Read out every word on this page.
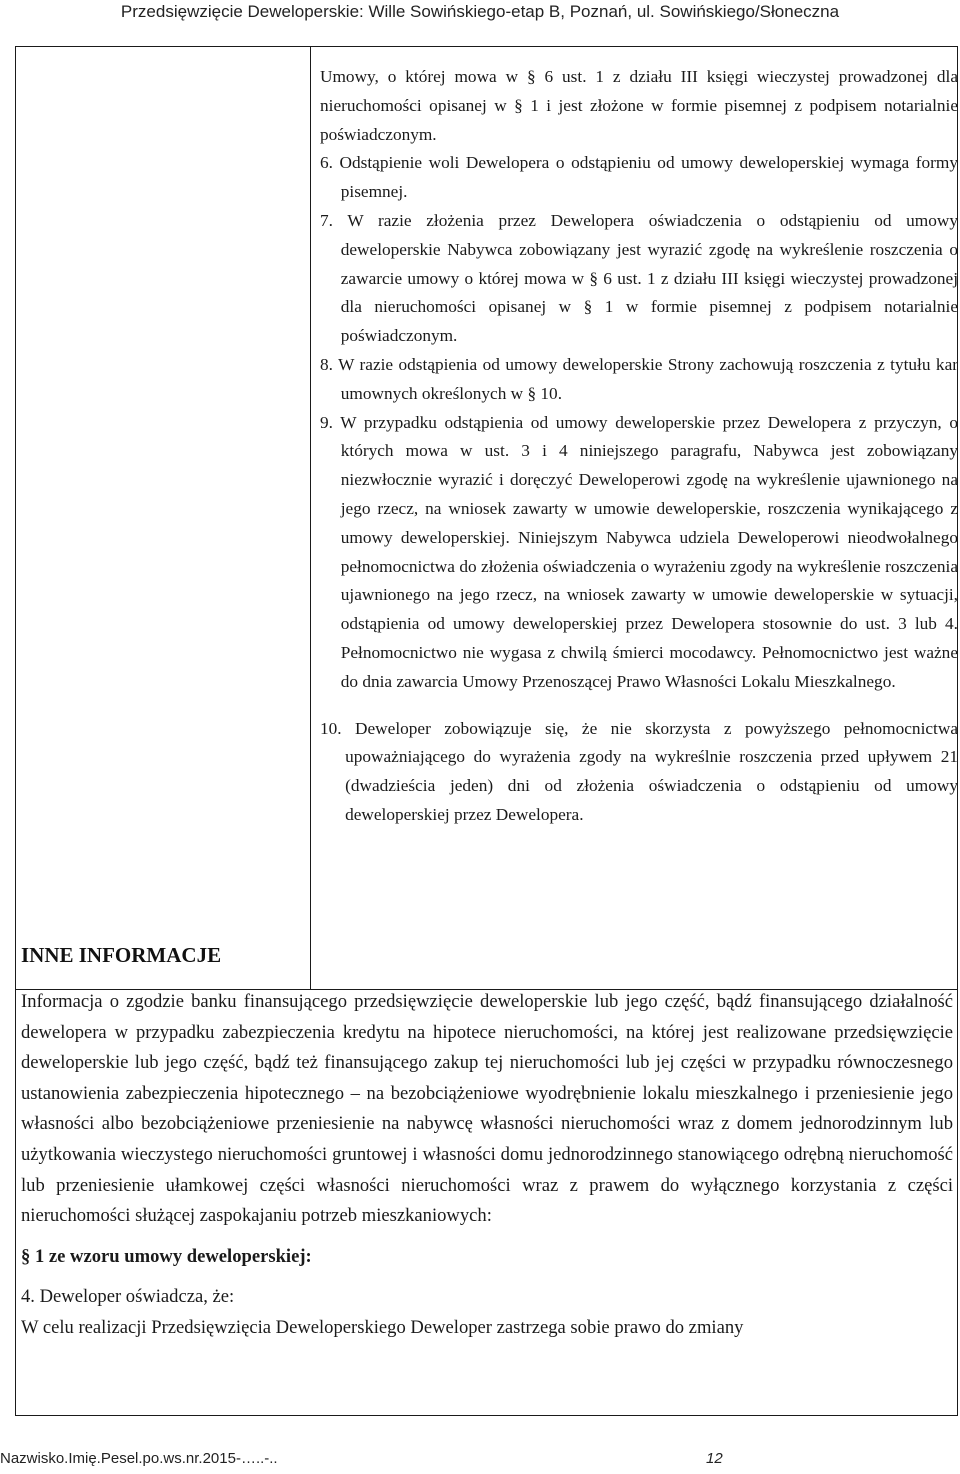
Przedsięwzięcie Deweloperskie: Wille Sowińskiego-etap B, Poznań, ul. Sowińskiego/Słoneczna
INNE INFORMACJE

Umowy, o której mowa w § 6 ust. 1 z działu III księgi wieczystej prowadzonej dla nieruchomości opisanej w § 1 i jest złożone w formie pisemnej z podpisem notarialnie poświadczonym.

6. Odstąpienie woli Dewelopera o odstąpieniu od umowy deweloperskiej wymaga formy pisemnej.

7. W razie złożenia przez Dewelopera oświadczenia o odstąpieniu od umowy deweloperskie Nabywca zobowiązany jest wyrazić zgodę na wykreślenie roszczenia o zawarcie umowy o której mowa w § 6 ust. 1 z działu III księgi wieczystej prowadzonej dla nieruchomości opisanej w § 1 w formie pisemnej z podpisem notarialnie poświadczonym.

8. W razie odstąpienia od umowy deweloperskie Strony zachowują roszczenia z tytułu kar umownych określonych w § 10.

9. W przypadku odstąpienia od umowy deweloperskie przez Dewelopera z przyczyn, o których mowa w ust. 3 i 4 niniejszego paragrafu, Nabywca jest zobowiązany niezwłocznie wyrazić i doręczyć Deweloperowi zgodę na wykreślenie ujawnionego na jego rzecz, na wniosek zawarty w umowie deweloperskie, roszczenia wynikającego z umowy deweloperskiej. Niniejszym Nabywca udziela Deweloperowi nieodwołalnego pełnomocnictwa do złożenia oświadczenia o wyrażeniu zgody na wykreślenie roszczenia ujawnionego na jego rzecz, na wniosek zawarty w umowie deweloperskie w sytuacji, odstąpienia od umowy deweloperskiej przez Dewelopera stosownie do ust. 3 lub 4. Pełnomocnictwo nie wygasa z chwilą śmierci mocodawcy. Pełnomocnictwo jest ważne do dnia zawarcia Umowy Przenoszącej Prawo Własności Lokalu Mieszkalnego.

10. Deweloper zobowiązuje się, że nie skorzysta z powyższego pełnomocnictwa upoważniającego do wyrażenia zgody na wykreślnie roszczenia przed upływem 21 (dwadzieścia jeden) dni od złożenia oświadczenia o odstąpieniu od umowy deweloperskiej przez Dewelopera.

Informacja o zgodzie banku finansującego przedsięwzięcie deweloperskie lub jego część, bądź finansującego działalność dewelopera w przypadku zabezpieczenia kredytu na hipotece nieruchomości, na której jest realizowane przedsięwzięcie deweloperskie lub jego część, bądź też finansującego zakup tej nieruchomości lub jej części w przypadku równoczesnego ustanowienia zabezpieczenia hipotecznego – na bezobciążeniowe wyodrębnienie lokalu mieszkalnego i przeniesienie jego własności albo bezobciążeniowe przeniesienie na nabywcę własności nieruchomości wraz z domem jednorodzinnym lub użytkowania wieczystego nieruchomości gruntowej i własności domu jednorodzinnego stanowiącego odrębną nieruchomość lub przeniesienie ułamkowej części własności nieruchomości wraz z prawem do wyłącznego korzystania z części nieruchomości służącej zaspokajaniu potrzeb mieszkaniowych:

§ 1 ze wzoru umowy deweloperskiej:

4. Deweloper oświadcza, że:

W celu realizacji Przedsięwzięcia Deweloperskiego Deweloper zastrzega sobie prawo do zmiany

Nazwisko.Imię.Pesel.po.ws.nr.2015-…..-..	12
